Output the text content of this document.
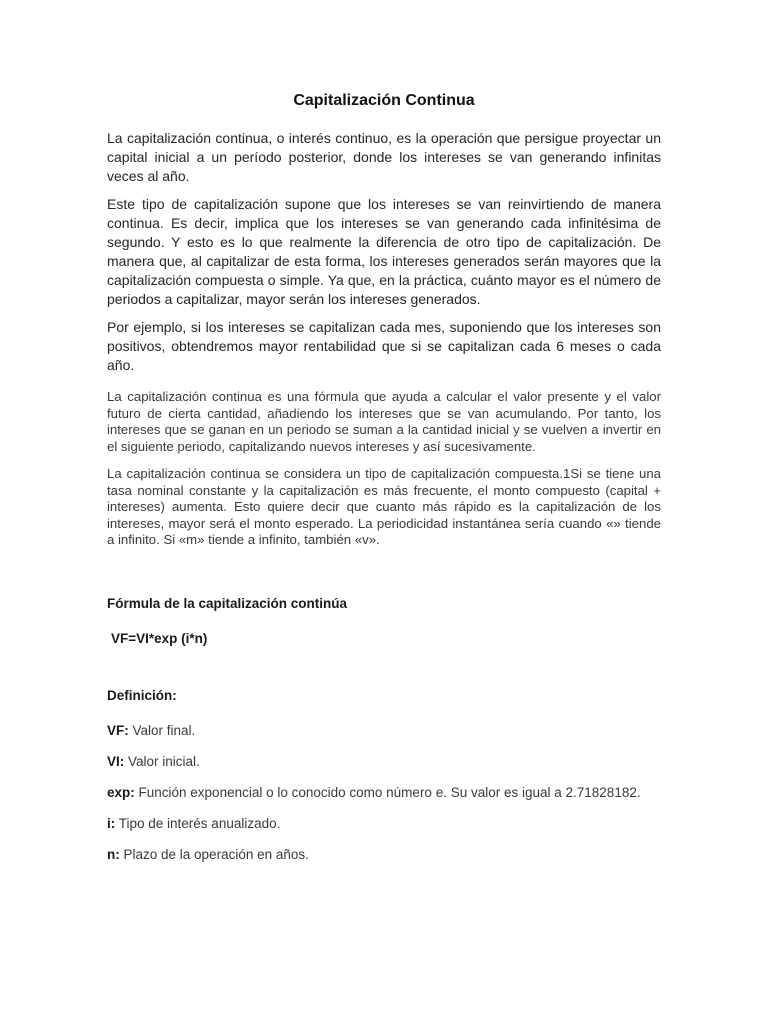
Capitalización Continua

La capitalización continua, o interés continuo, es la operación que persigue proyectar un capital inicial a un período posterior, donde los intereses se van generando infinitas veces al año.

Este tipo de capitalización supone que los intereses se van reinvirtiendo de manera continua. Es decir, implica que los intereses se van generando cada infinitésima de segundo. Y esto es lo que realmente la diferencia de otro tipo de capitalización. De manera que, al capitalizar de esta forma, los intereses generados serán mayores que la capitalización compuesta o simple. Ya que, en la práctica, cuánto mayor es el número de periodos a capitalizar, mayor serán los intereses generados.

Por ejemplo, si los intereses se capitalizan cada mes, suponiendo que los intereses son positivos, obtendremos mayor rentabilidad que si se capitalizan cada 6 meses o cada año.

La capitalización continua es una fórmula que ayuda a calcular el valor presente y el valor futuro de cierta cantidad, añadiendo los intereses que se van acumulando. Por tanto, los intereses que se ganan en un periodo se suman a la cantidad inicial y se vuelven a invertir en el siguiente periodo, capitalizando nuevos intereses y así sucesivamente.

La capitalización continua se considera un tipo de capitalización compuesta.1Si se tiene una tasa nominal constante y la capitalización es más frecuente, el monto compuesto (capital + intereses) aumenta. Esto quiere decir que cuanto más rápido es la capitalización de los intereses, mayor será el monto esperado. La periodicidad instantánea sería cuando «» tiende a infinito. Si «m» tiende a infinito, también «v».

Fórmula de la capitalización continúa
VF=VI*exp (i*n)
Definición:
VF: Valor final.
VI: Valor inicial.
exp: Función exponencial o lo conocido como número e. Su valor es igual a 2.71828182.
i: Tipo de interés anualizado.
n: Plazo de la operación en años.
